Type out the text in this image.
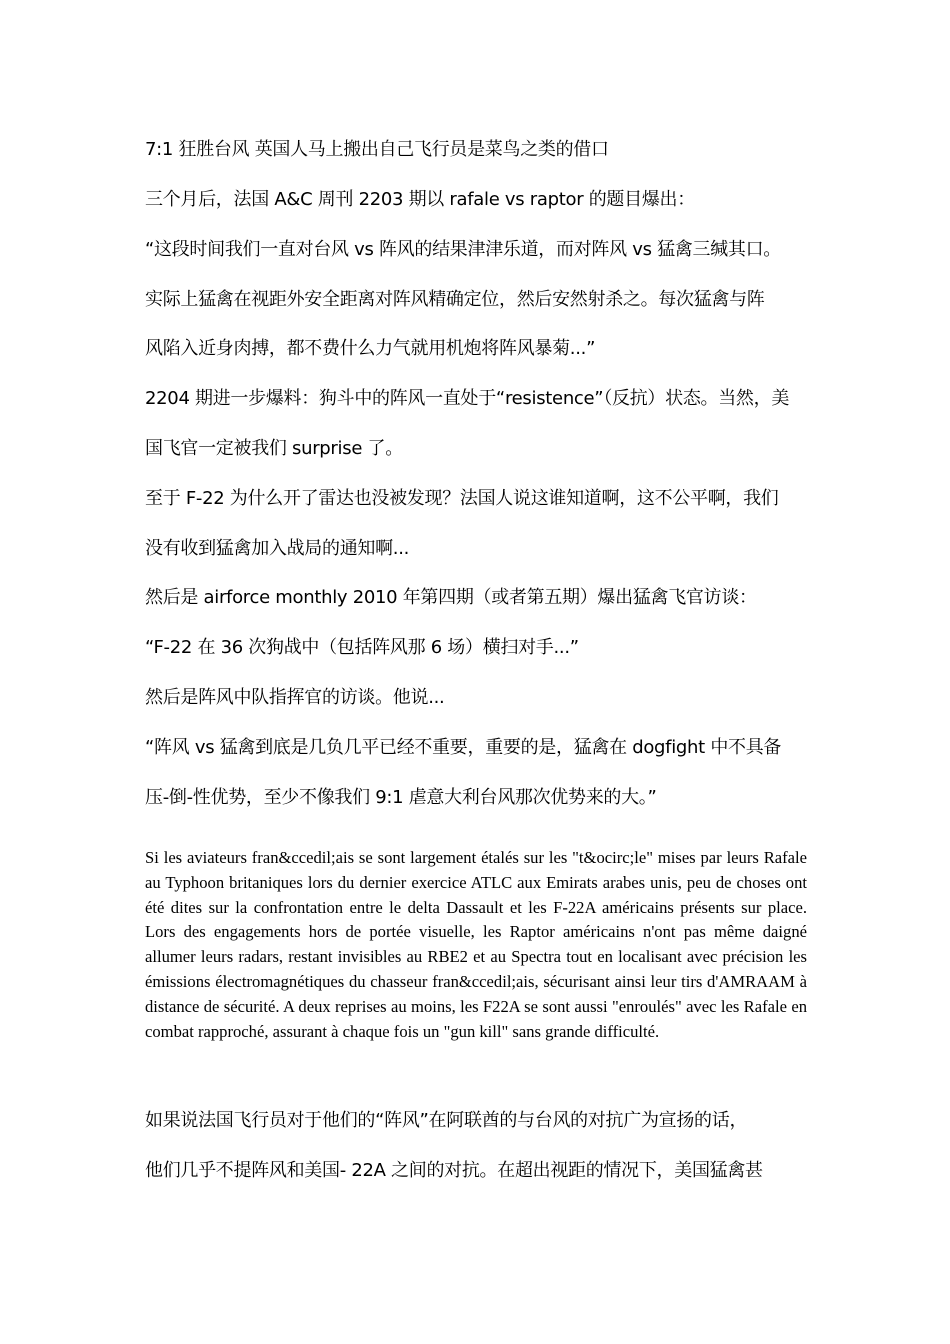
7:1 狂胜台风 英国人马上搬出自己飞行员是菜鸟之类的借口

三个月后，法国 A&C 周刊 2203 期以 rafale vs raptor 的题目爆出：

“这段时间我们一直对台风 vs 阵风的结果津津乐道，而对阵风 vs 猛禽三缄其口。

实际上猛禽在视距外安全距离对阵风精确定位，然后安然射杀之。每次猛禽与阵

风陷入近身肉搏，都不费什么力气就用机炮将阵风暴菊...”

2204 期进一步爆料：狗斗中的阵风一直处于“resistence”（反抗）状态。当然，美

国飞官一定被我们 surprise 了。

至于 F-22 为什么开了雷达也没被发现？法国人说这谁知道啊，这不公平啊，我们

没有收到猛禽加入战局的通知啊...

然后是 airforce monthly 2010 年第四期（或者第五期）爆出猛禽飞官访谈：

“F-22 在 36 次狗战中（包括阵风那 6 场）横扫对手...”

然后是阵风中队指挥官的访谈。他说...

“阵风 vs 猛禽到底是几负几平已经不重要，重要的是，猛禽在 dogfight 中不具备

压-倒-性优势，至少不像我们 9:1 虐意大利台风那次优势来的大。”

Si les aviateurs fran&ccedil;ais se sont largement étalés sur les "t&ocirc;le" mises par leurs Rafale au Typhoon britaniques lors du dernier exercice ATLC aux Emirats arabes unis, peu de choses ont été dites sur la confrontation entre le delta Dassault et les F-22A américains présents sur place. Lors des engagements hors de portée visuelle, les Raptor américains n'ont pas même daigné allumer leurs radars, restant invisibles au RBE2 et au Spectra tout en localisant avec précision les émissions électromagnétiques du chasseur fran&ccedil;ais, sécurisant ainsi leur tirs d'AMRAAM à distance de sécurité. A deux reprises au moins, les F22A se sont aussi "enroulés" avec les Rafale en combat rapproché, assurant à chaque fois un "gun kill" sans grande difficulté.

如果说法国飞行员对于他们的“阵风”在阿联酋的与台风的对抗广为宣扬的话，

他们几乎不提阵风和美国- 22A 之间的对抗。在超出视距的情况下，美国猛禽甚
